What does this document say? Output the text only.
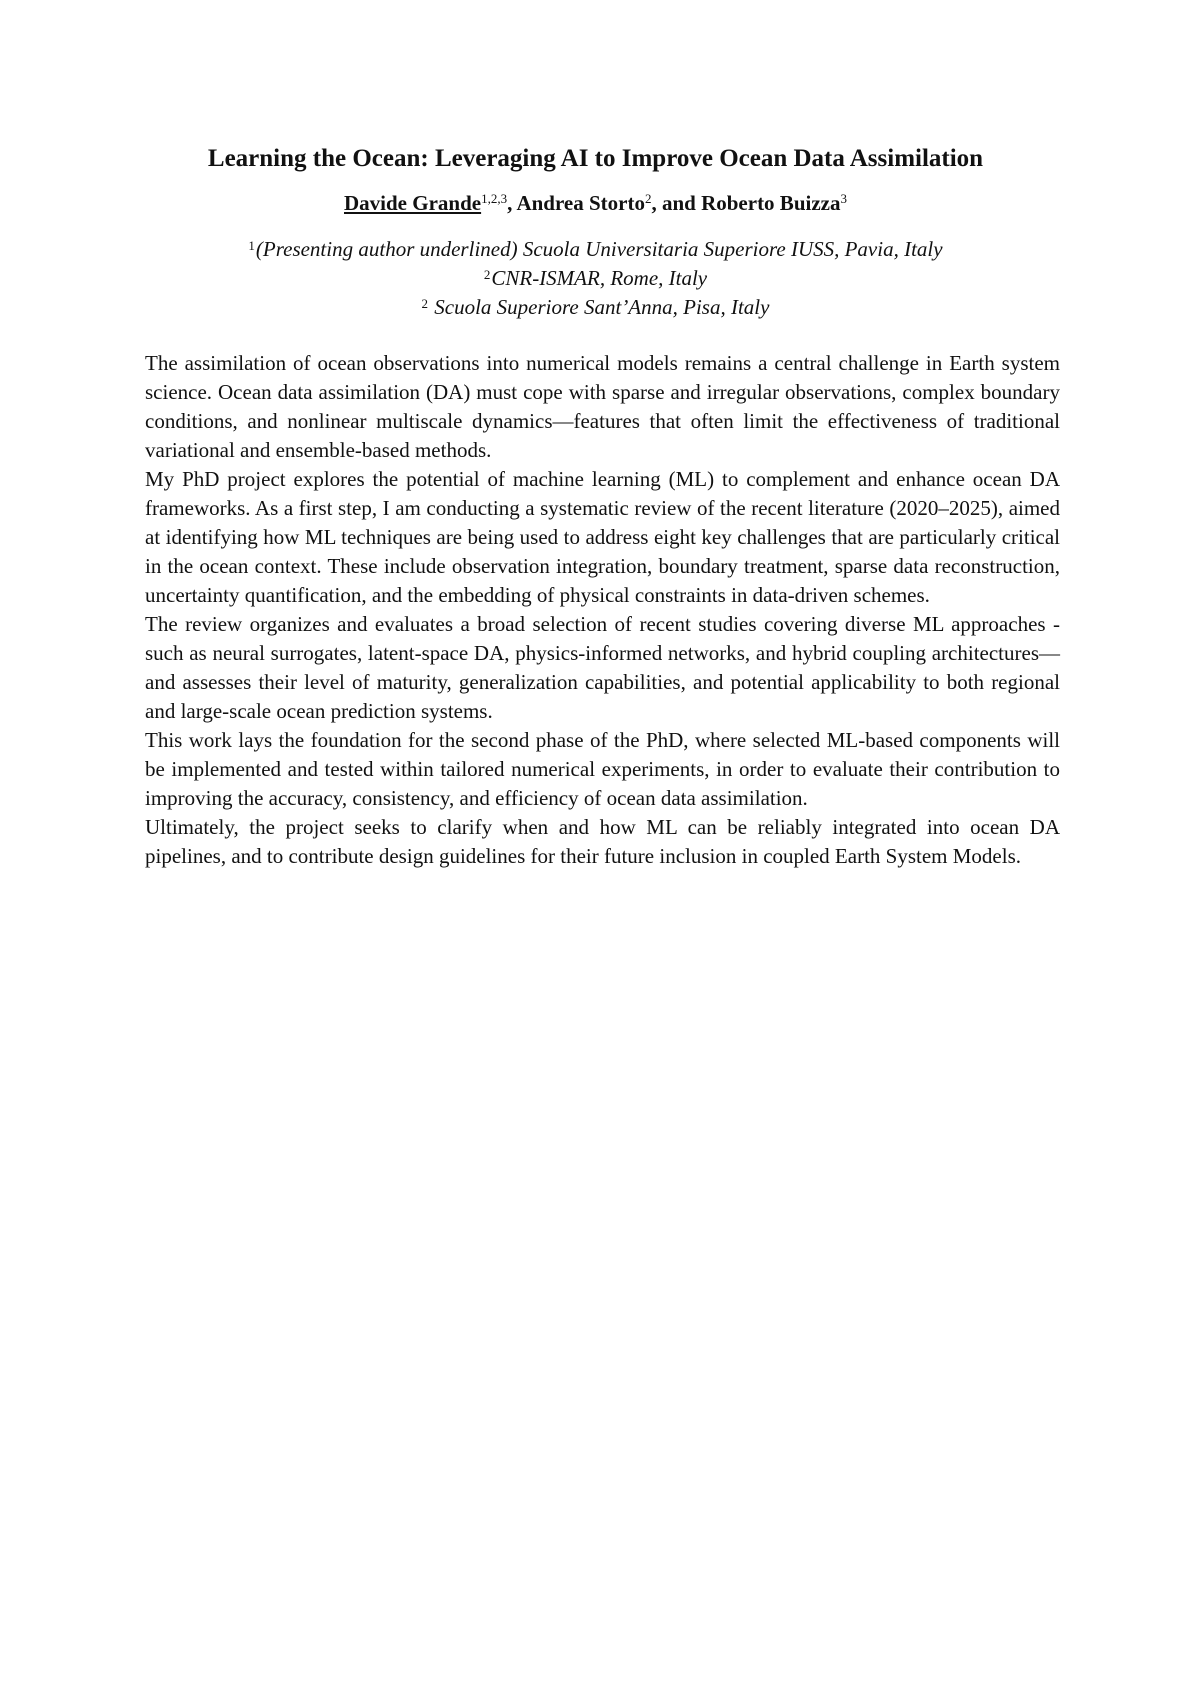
Learning the Ocean: Leveraging AI to Improve Ocean Data Assimilation
Davide Grande$^{1,2,3}$, Andrea Storto$^2$, and Roberto Buizza$^3$
$^1$(Presenting author underlined) Scuola Universitaria Superiore IUSS, Pavia, Italy
$^2$CNR-ISMAR, Rome, Italy
$^2$ Scuola Superiore Sant’Anna, Pisa, Italy

The assimilation of ocean observations into numerical models remains a central challenge in Earth system science. Ocean data assimilation (DA) must cope with sparse and irregular observations, complex boundary conditions, and nonlinear multiscale dynamics—features that often limit the effectiveness of traditional variational and ensemble-based methods.

My PhD project explores the potential of machine learning (ML) to complement and enhance ocean DA frameworks. As a first step, I am conducting a systematic review of the recent literature (2020–2025), aimed at identifying how ML techniques are being used to address eight key challenges that are particularly critical in the ocean context. These include observation integration, boundary treatment, sparse data reconstruction, uncertainty quantification, and the embedding of physical constraints in data-driven schemes.

The review organizes and evaluates a broad selection of recent studies covering diverse ML approaches -such as neural surrogates, latent-space DA, physics-informed networks, and hybrid coupling architectures— and assesses their level of maturity, generalization capabilities, and potential applicability to both regional and large-scale ocean prediction systems.

This work lays the foundation for the second phase of the PhD, where selected ML-based components will be implemented and tested within tailored numerical experiments, in order to evaluate their contribution to improving the accuracy, consistency, and efficiency of ocean data assimilation.

Ultimately, the project seeks to clarify when and how ML can be reliably integrated into ocean DA pipelines, and to contribute design guidelines for their future inclusion in coupled Earth System Models.
